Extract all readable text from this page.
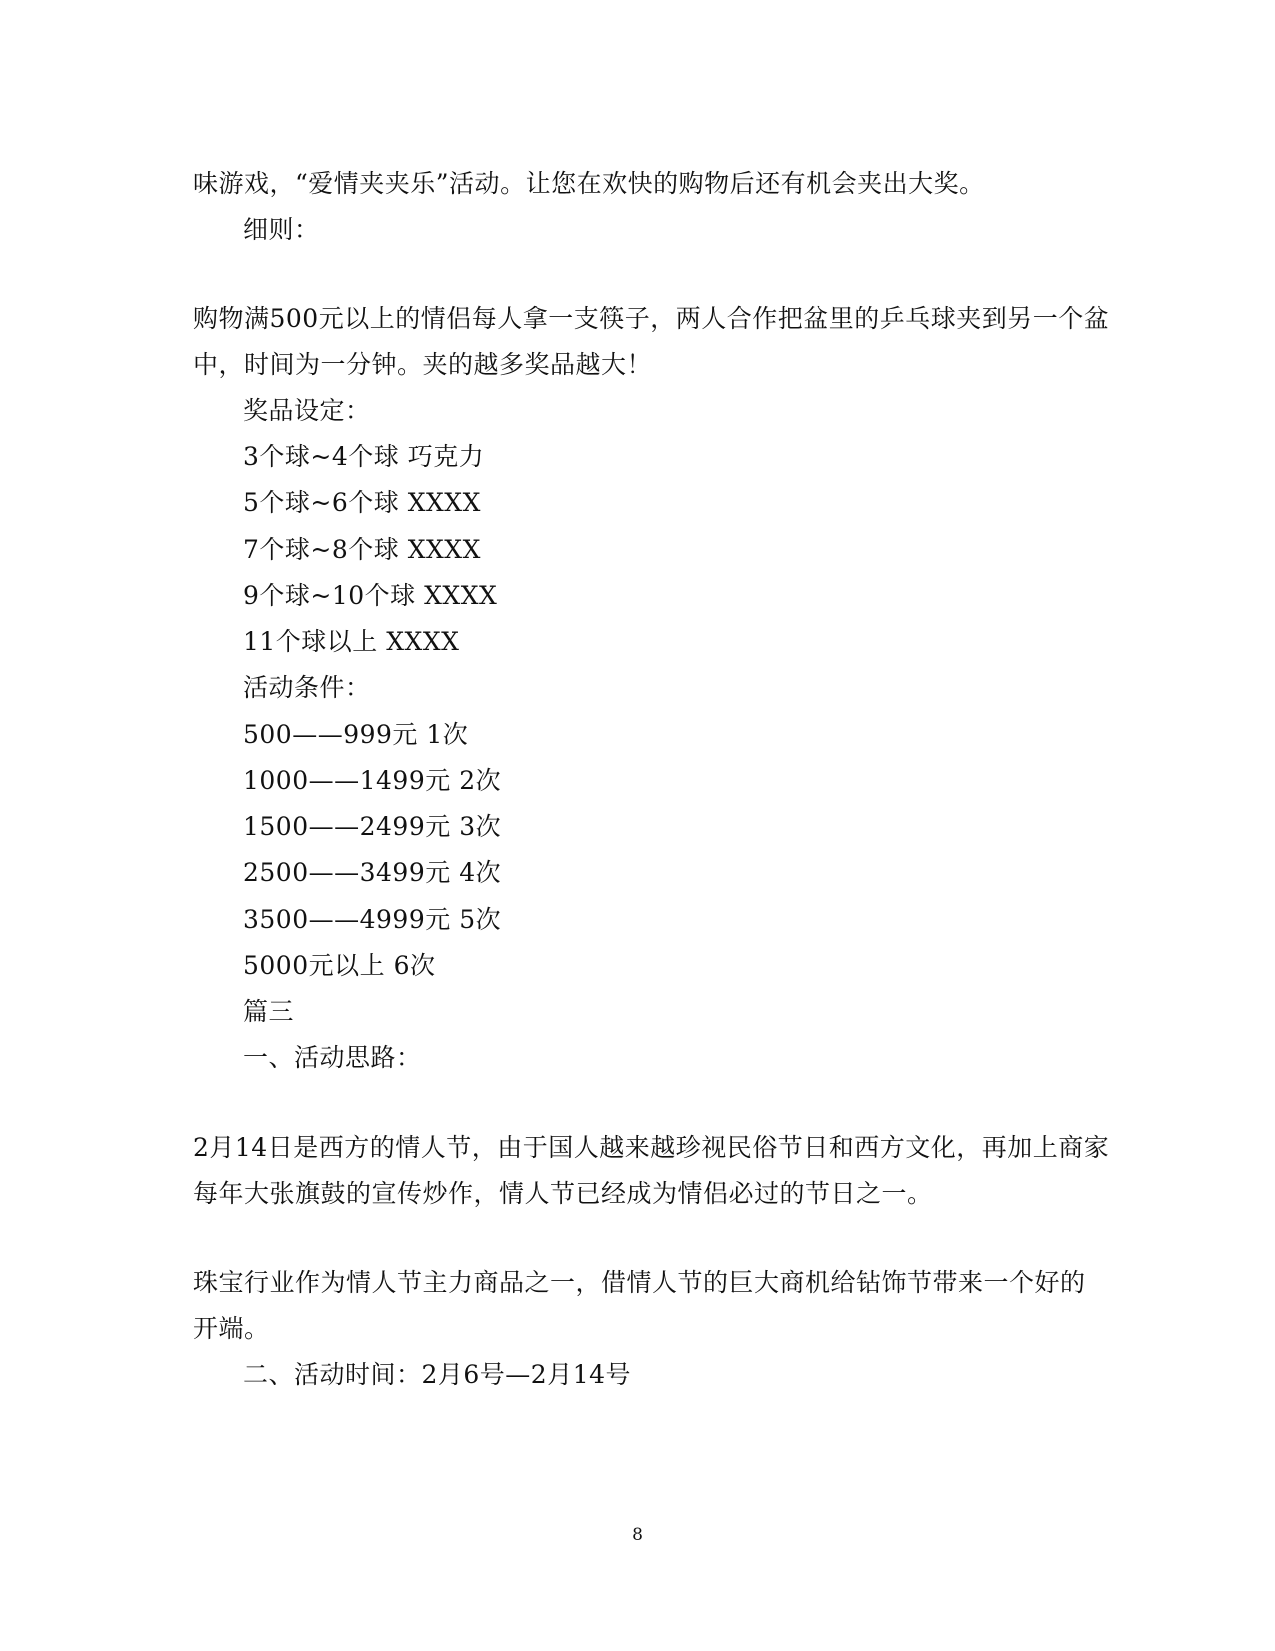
味游戏，“爱情夹夹乐”活动。让您在欢快的购物后还有机会夹出大奖。
细则：
购物满500元以上的情侣每人拿一支筷子，两人合作把盆里的乒乓球夹到另一个盆
中，时间为一分钟。夹的越多奖品越大！
奖品设定：
3个球~4个球 巧克力
5个球~6个球 XXXX
7个球~8个球 XXXX
9个球~10个球 XXXX
11个球以上 XXXX
活动条件：
500——999元 1次
1000——1499元 2次
1500——2499元 3次
2500——3499元 4次
3500——4999元 5次
5000元以上 6次
篇三
一、活动思路：
2月14日是西方的情人节，由于国人越来越珍视民俗节日和西方文化，再加上商家
每年大张旗鼓的宣传炒作，情人节已经成为情侣必过的节日之一。
珠宝行业作为情人节主力商品之一，借情人节的巨大商机给钻饰节带来一个好的
开端。
二、活动时间：2月6号—2月14号
8
